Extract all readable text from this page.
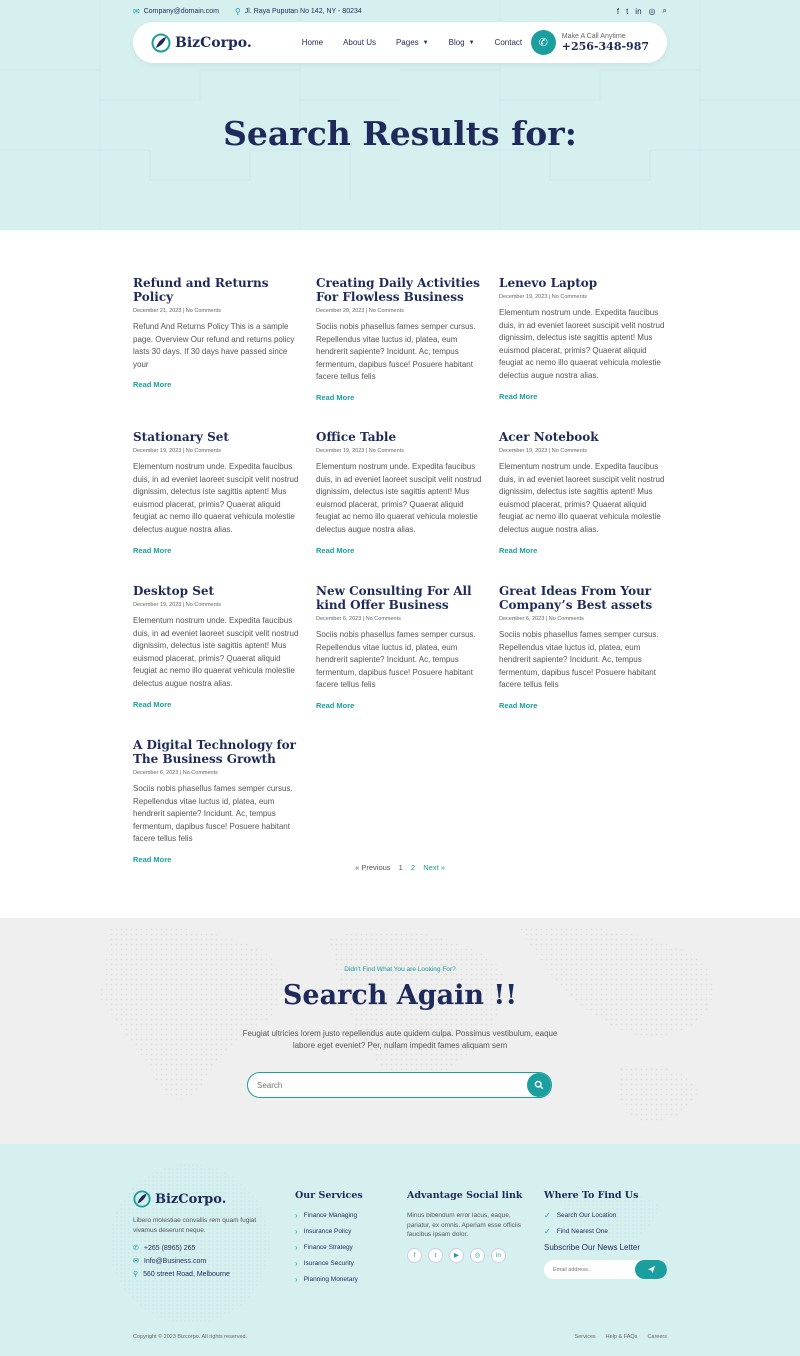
✉ Company@domain.com ⚲ Jl. Raya Puputan No 142, NY - 80234	f t in ◎ ⌕
BizCorpo.	Home	About Us	Pages ▼	Blog ▼	Contact	✆
Make A Call Anytime
+256-348-987
Search Results for:
Refund and Returns Policy
December 21, 2023 | No Comments

Refund And Returns Policy This is a sample page. Overview Our refund and returns policy lasts 30 days. If 30 days have passed since your

Read More
Creating Daily Activities For Flowless Business
December 20, 2023 | No Comments

Sociis nobis phasellus fames semper cursus. Repellendus vitae luctus id, platea, eum hendrerit sapiente? Incidunt. Ac, tempus fermentum, dapibus fusce! Posuere habitant facere tellus felis

Read More
Lenevo Laptop
December 19, 2023 | No Comments

Elementum nostrum unde. Expedita faucibus duis, in ad eveniet laoreet suscipit velit nostrud dignissim, delectus iste sagittis aptent! Mus euismod placerat, primis? Quaerat aliquid feugiat ac nemo illo quaerat vehicula molestie delectus augue nostra alias.

Read More
Stationary Set
December 19, 2023 | No Comments

Elementum nostrum unde. Expedita faucibus duis, in ad eveniet laoreet suscipit velit nostrud dignissim, delectus iste sagittis aptent! Mus euismod placerat, primis? Quaerat aliquid feugiat ac nemo illo quaerat vehicula molestie delectus augue nostra alias.

Read More
Office Table
December 19, 2023 | No Comments

Elementum nostrum unde. Expedita faucibus duis, in ad eveniet laoreet suscipit velit nostrud dignissim, delectus iste sagittis aptent! Mus euismod placerat, primis? Quaerat aliquid feugiat ac nemo illo quaerat vehicula molestie delectus augue nostra alias.

Read More
Acer Notebook
December 19, 2023 | No Comments

Elementum nostrum unde. Expedita faucibus duis, in ad eveniet laoreet suscipit velit nostrud dignissim, delectus iste sagittis aptent! Mus euismod placerat, primis? Quaerat aliquid feugiat ac nemo illo quaerat vehicula molestie delectus augue nostra alias.

Read More
Desktop Set
December 19, 2023 | No Comments

Elementum nostrum unde. Expedita faucibus duis, in ad eveniet laoreet suscipit velit nostrud dignissim, delectus iste sagittis aptent! Mus euismod placerat, primis? Quaerat aliquid feugiat ac nemo illo quaerat vehicula molestie delectus augue nostra alias.

Read More
New Consulting For All kind Offer Business
December 6, 2023 | No Comments

Sociis nobis phasellus fames semper cursus. Repellendus vitae luctus id, platea, eum hendrerit sapiente? Incidunt. Ac, tempus fermentum, dapibus fusce! Posuere habitant facere tellus felis

Read More
Great Ideas From Your Company’s Best assets
December 6, 2023 | No Comments

Sociis nobis phasellus fames semper cursus. Repellendus vitae luctus id, platea, eum hendrerit sapiente? Incidunt. Ac, tempus fermentum, dapibus fusce! Posuere habitant facere tellus felis

Read More
A Digital Technology for The Business Growth
December 6, 2023 | No Comments

Sociis nobis phasellus fames semper cursus. Repellendus vitae luctus id, platea, eum hendrerit sapiente? Incidunt. Ac, tempus fermentum, dapibus fusce! Posuere habitant facere tellus felis

Read More
« Previous 1 2 Next »
Didn't Find What You are Looking For?
Search Again !!

Feugiat ultricies lorem justo repellendus aute quidem culpa. Possimus vestibulum, eaque labore eget eveniet? Per, nullam impedit fames aliquam sem

Search
BizCorpo.

Libero molestiae convallis rem quam fugiat vivamus deserunt neque.

✆ +265 (8965) 265
✉ Info@Business.com
⚲ 560 street Road, Melbourne
Our Services
› Finance Managing
› Insurance Policy
› Finance Strategy
› Isurance Security
› Planning Monetary
Advantage Social link

Minus bibendum error lacus, eaque, pariatur, ex omnis. Aperiam esse officiis faucibus ipsam dolor.

f	t	▶	◎	in
Where To Find Us
✓ Search Our Location
✓ Find Nearest One
Subscribe Our News Letter
Email address..
Copyright © 2023 Bizcorpo. All rights reserved.	Services Help & FAQs Careers
